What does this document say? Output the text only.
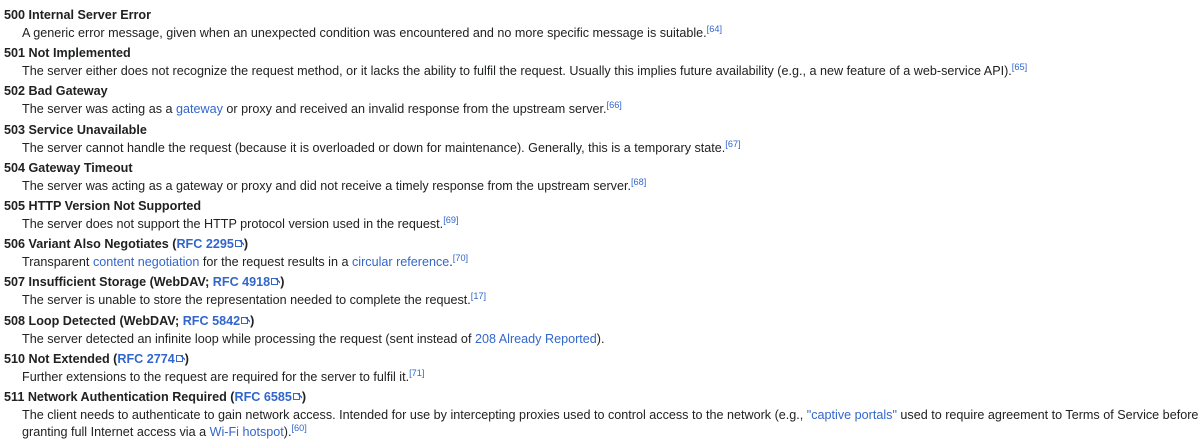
500 Internal Server Error
A generic error message, given when an unexpected condition was encountered and no more specific message is suitable.[64]
501 Not Implemented
The server either does not recognize the request method, or it lacks the ability to fulfil the request. Usually this implies future availability (e.g., a new feature of a web-service API).[65]
502 Bad Gateway
The server was acting as a gateway or proxy and received an invalid response from the upstream server.[66]
503 Service Unavailable
The server cannot handle the request (because it is overloaded or down for maintenance). Generally, this is a temporary state.[67]
504 Gateway Timeout
The server was acting as a gateway or proxy and did not receive a timely response from the upstream server.[68]
505 HTTP Version Not Supported
The server does not support the HTTP protocol version used in the request.[69]
506 Variant Also Negotiates (RFC 2295 )
Transparent content negotiation for the request results in a circular reference.[70]
507 Insufficient Storage (WebDAV; RFC 4918 )
The server is unable to store the representation needed to complete the request.[17]
508 Loop Detected (WebDAV; RFC 5842 )
The server detected an infinite loop while processing the request (sent instead of 208 Already Reported).
510 Not Extended (RFC 2774 )
Further extensions to the request are required for the server to fulfil it.[71]
511 Network Authentication Required (RFC 6585 )
The client needs to authenticate to gain network access. Intended for use by intercepting proxies used to control access to the network (e.g., "captive portals" used to require agreement to Terms of Service before granting full Internet access via a Wi-Fi hotspot).[60]
